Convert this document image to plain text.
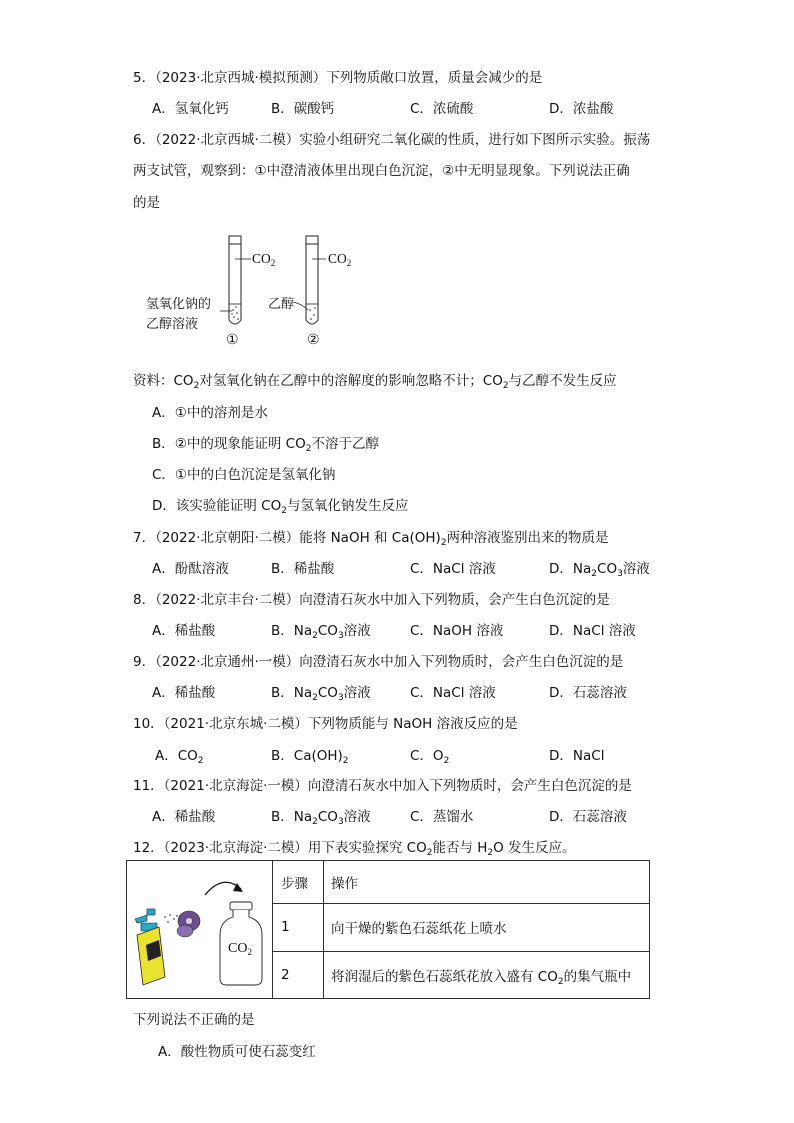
5．（2023·北京西城·模拟预测）下列物质敞口放置，质量会减少的是
A．氢氧化钙	B．碳酸钙	C．浓硫酸	D．浓盐酸
6．（2022·北京西城·二模）实验小组研究二氧化碳的性质，进行如下图所示实验。振荡
两支试管，观察到：①中澄清液体里出现白色沉淀，②中无明显现象。下列说法正确
的是
$CO_2$	$CO_2$
氢氧化钠的
乙醇溶液
乙醇
①	②
资料：$CO_2$对氢氧化钠在乙醇中的溶解度的影响忽略不计；$CO_2$与乙醇不发生反应
A．①中的溶剂是水
B．②中的现象能证明 $CO_2$不溶于乙醇
C．①中的白色沉淀是氢氧化钠
D．该实验能证明 $CO_2$与氢氧化钠发生反应
7．（2022·北京朝阳·二模）能将 NaOH 和 $Ca(OH)_2$两种溶液鉴别出来的物质是
A．酚酞溶液	B．稀盐酸	C．NaCl 溶液	D．$Na_2CO_3$溶液
8．（2022·北京丰台·二模）向澄清石灰水中加入下列物质，会产生白色沉淀的是
A．稀盐酸	B．$Na_2CO_3$溶液	C．NaOH 溶液	D．NaCl 溶液
9．（2022·北京通州·一模）向澄清石灰水中加入下列物质时，会产生白色沉淀的是
A．稀盐酸	B．$Na_2CO_3$溶液	C．NaCl 溶液	D．石蕊溶液
10．（2021·北京东城·二模）下列物质能与 NaOH 溶液反应的是
A．$CO_2$	B．$Ca(OH)_2$	C．$O_2$	D．NaCl
11．（2021·北京海淀·一模）向澄清石灰水中加入下列物质时，会产生白色沉淀的是
A．稀盐酸	B．$Na_2CO_3$溶液	C．蒸馏水	D．石蕊溶液
12．（2023·北京海淀·二模）用下表实验探究 $CO_2$能否与 $H_2O$ 发生反应。
$CO_2$	步骤	操作
	1	向干燥的紫色石蕊纸花上喷水
	2	将润湿后的紫色石蕊纸花放入盛有 $CO_2$的集气瓶中
下列说法不正确的是
A．酸性物质可使石蕊变红
